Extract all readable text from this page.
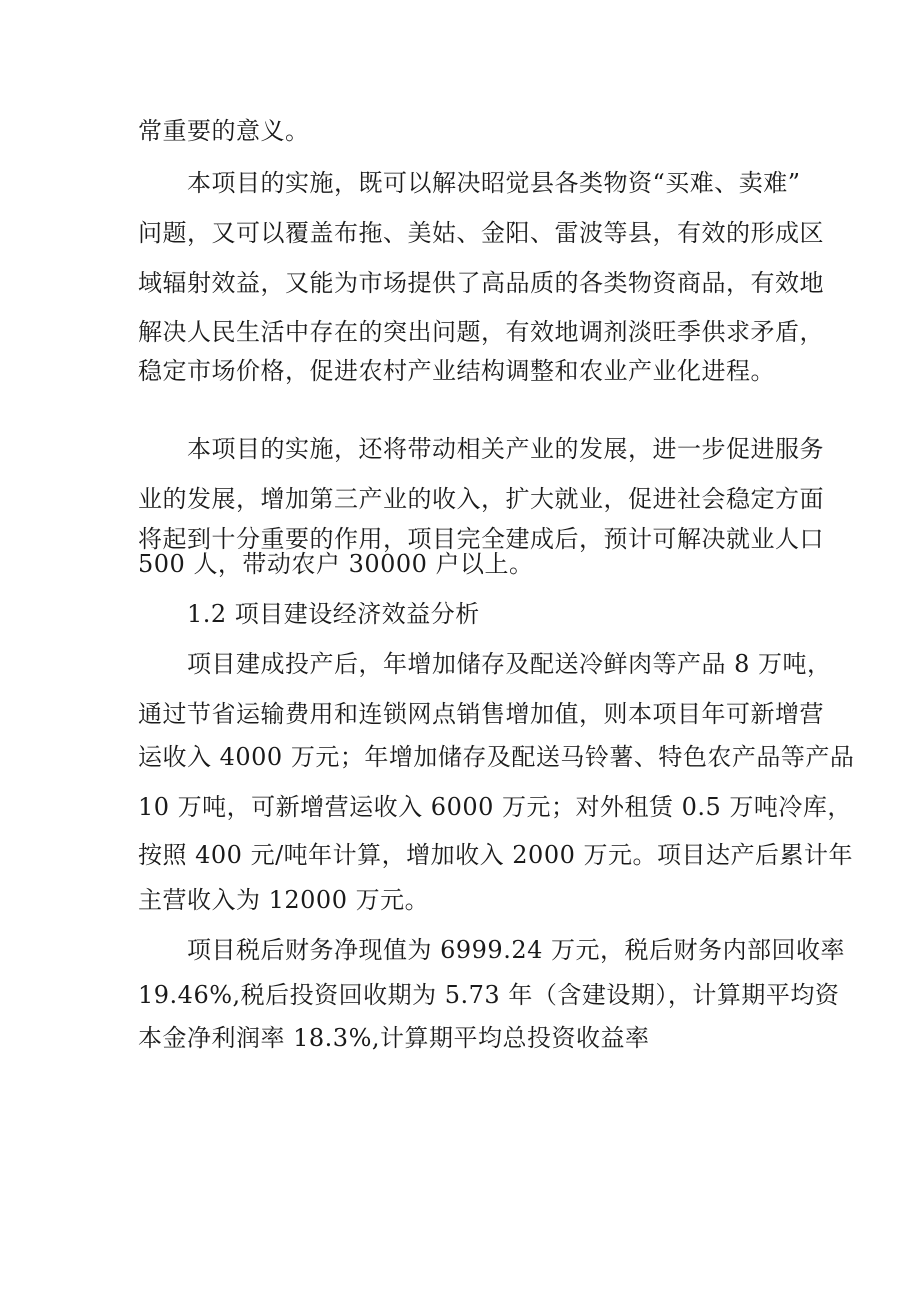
常重要的意义。
本项目的实施，既可以解决昭觉县各类物资“买难、卖难”
问题，又可以覆盖布拖、美姑、金阳、雷波等县，有效的形成区
域辐射效益，又能为市场提供了高品质的各类物资商品，有效地
解决人民生活中存在的突出问题，有效地调剂淡旺季供求矛盾，
稳定市场价格，促进农村产业结构调整和农业产业化进程。
本项目的实施，还将带动相关产业的发展，进一步促进服务
业的发展，增加第三产业的收入，扩大就业，促进社会稳定方面
将起到十分重要的作用，项目完全建成后，预计可解决就业人口
500 人，带动农户 30000 户以上。
1.2 项目建设经济效益分析
项目建成投产后，年增加储存及配送冷鲜肉等产品 8 万吨，
通过节省运输费用和连锁网点销售增加值，则本项目年可新增营
运收入 4000 万元；年增加储存及配送马铃薯、特色农产品等产品
10 万吨，可新增营运收入 6000 万元；对外租赁 0.5 万吨冷库，
按照 400 元/吨年计算，增加收入 2000 万元。项目达产后累计年
主营收入为 12000 万元。
项目税后财务净现值为 6999.24 万元，税后财务内部回收率
19.46%,税后投资回收期为 5.73 年（含建设期），计算期平均资
本金净利润率 18.3%,计算期平均总投资收益率
